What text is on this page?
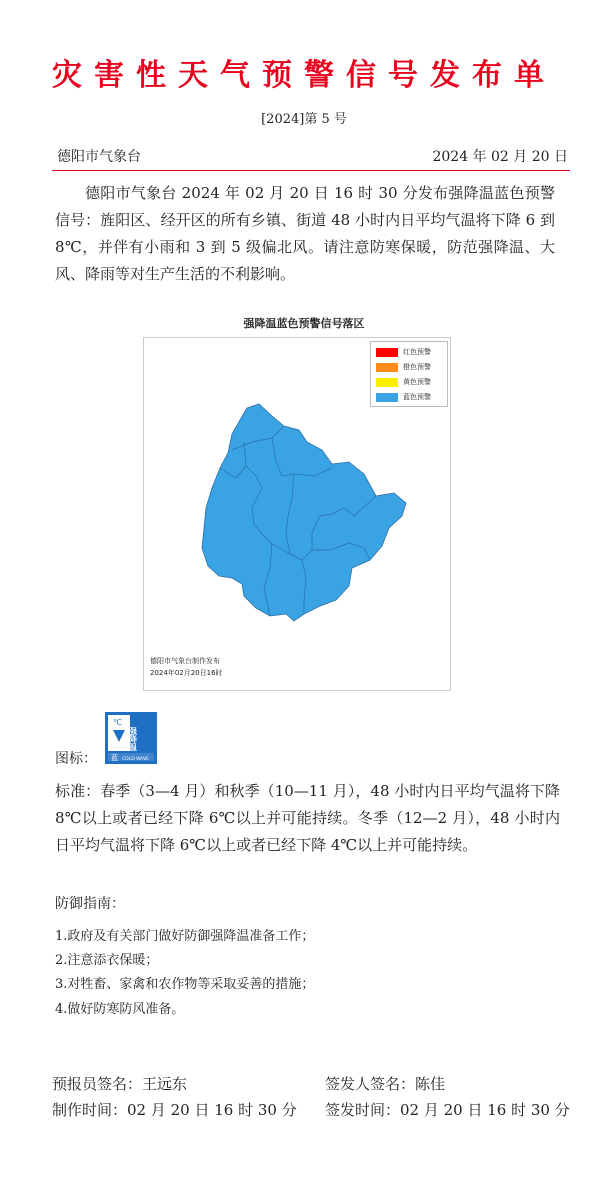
灾害性天气预警信号发布单
[2024]第 5 号
德阳市气象台	2024 年 02 月 20 日
德阳市气象台 2024 年 02 月 20 日 16 时 30 分发布强降温蓝色预警信号：旌阳区、经开区的所有乡镇、街道 48 小时内日平均气温将下降 6 到 8℃，并伴有小雨和 3 到 5 级偏北风。请注意防寒保暖，防范强降温、大风、降雨等对生产生活的不利影响。
强降温蓝色预警信号落区
红色预警
橙色预警
黄色预警
蓝色预警
德阳市气象台制作发布
2024年02月20日16时
图标：
℃
强降温
蓝 COLD WAVE
标准：春季（3—4 月）和秋季（10—11 月），48 小时内日平均气温将下降 8℃以上或者已经下降 6℃以上并可能持续。冬季（12—2 月），48 小时内日平均气温将下降 6℃以上或者已经下降 4℃以上并可能持续。
防御指南：
1.政府及有关部门做好防御强降温准备工作；
2.注意添衣保暖；
3.对牲畜、家禽和农作物等采取妥善的措施；
4.做好防寒防风准备。
预报员签名：王远东	签发人签名：陈佳
制作时间：02 月 20 日 16 时 30 分 签发时间：02 月 20 日 16 时 30 分
